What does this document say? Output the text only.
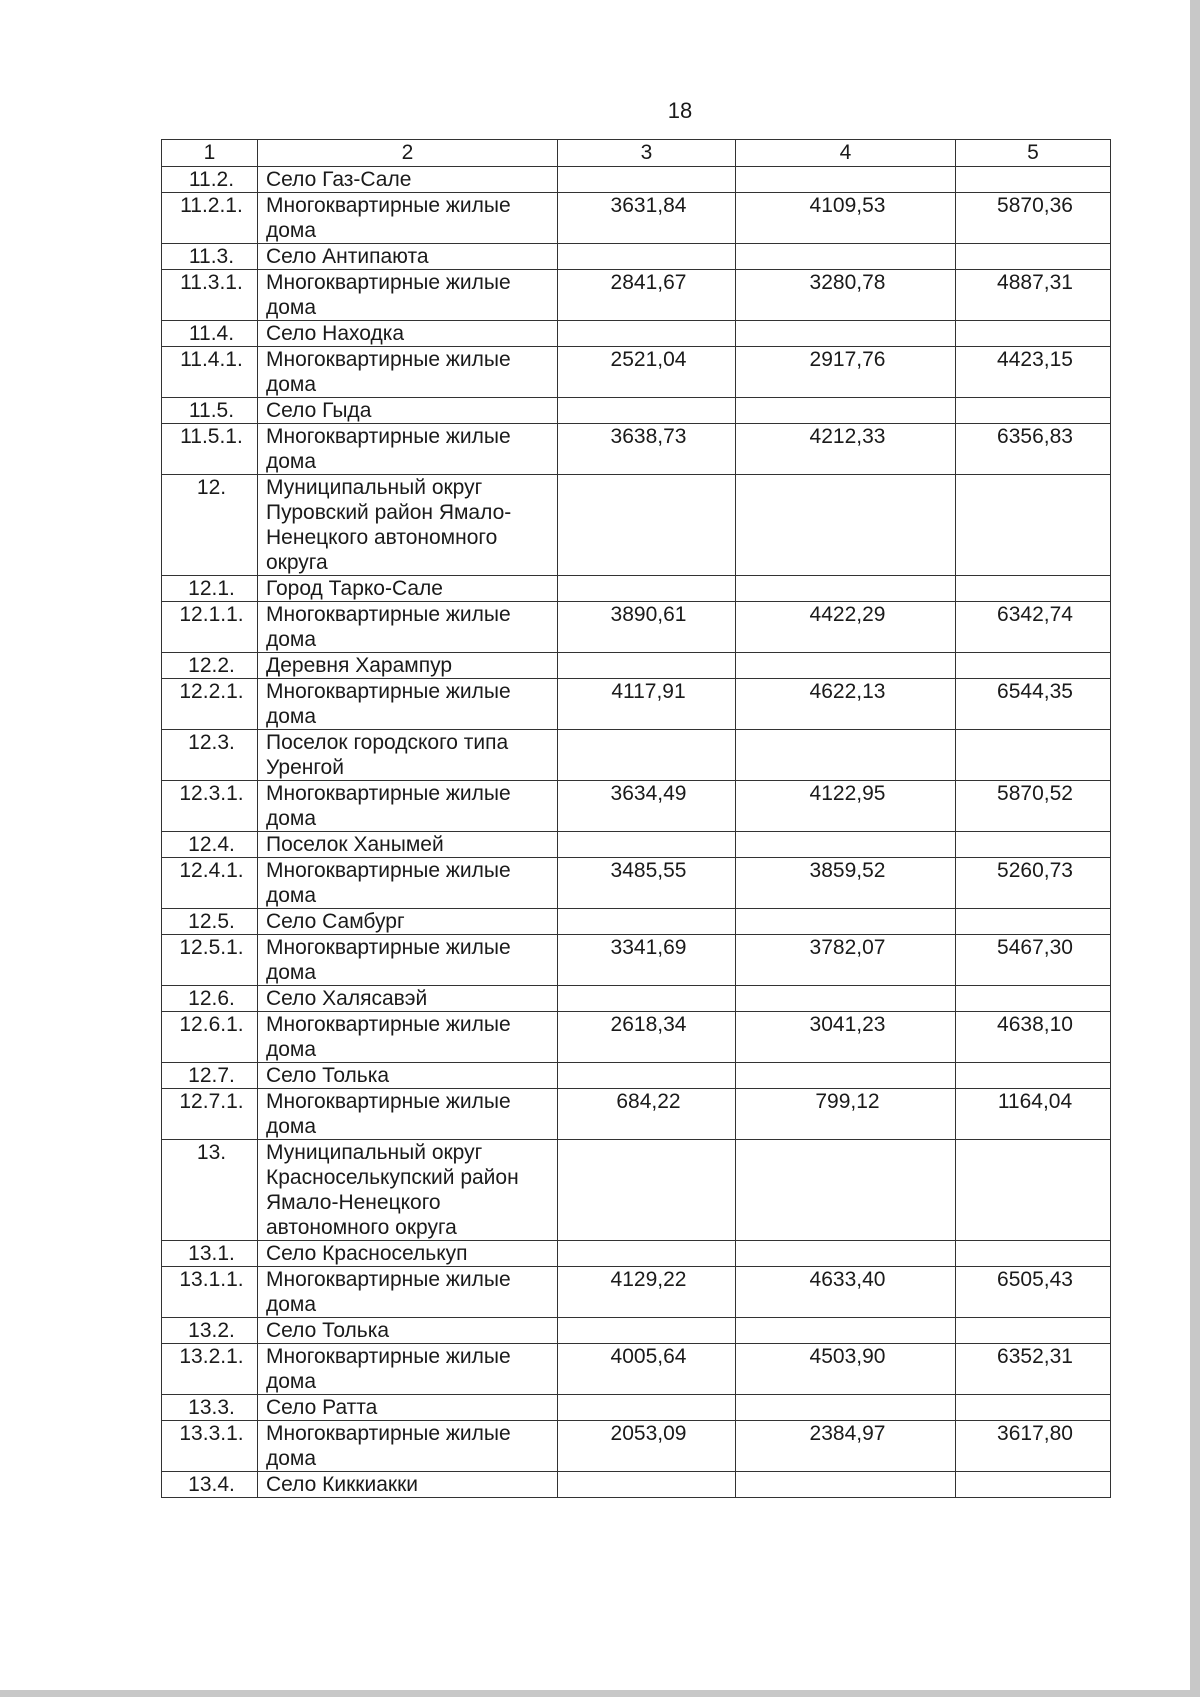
18
1	2	3	4	5
11.2.	Село Газ-Сале			
11.2.1.	Многоквартирные жилые дома	3631,84	4109,53	5870,36
11.3.	Село Антипаюта			
11.3.1.	Многоквартирные жилые дома	2841,67	3280,78	4887,31
11.4.	Село Находка			
11.4.1.	Многоквартирные жилые дома	2521,04	2917,76	4423,15
11.5.	Село Гыда			
11.5.1.	Многоквартирные жилые дома	3638,73	4212,33	6356,83
12.	Муниципальный округ Пуровский район Ямало-Ненецкого автономного округа			
12.1.	Город Тарко-Сале			
12.1.1.	Многоквартирные жилые дома	3890,61	4422,29	6342,74
12.2.	Деревня Харампур			
12.2.1.	Многоквартирные жилые дома	4117,91	4622,13	6544,35
12.3.	Поселок городского типа Уренгой			
12.3.1.	Многоквартирные жилые дома	3634,49	4122,95	5870,52
12.4.	Поселок Ханымей			
12.4.1.	Многоквартирные жилые дома	3485,55	3859,52	5260,73
12.5.	Село Самбург			
12.5.1.	Многоквартирные жилые дома	3341,69	3782,07	5467,30
12.6.	Село Халясавэй			
12.6.1.	Многоквартирные жилые дома	2618,34	3041,23	4638,10
12.7.	Село Толька			
12.7.1.	Многоквартирные жилые дома	684,22	799,12	1164,04
13.	Муниципальный округ Красноселькупский район Ямало-Ненецкого автономного округа			
13.1.	Село Красноселькуп			
13.1.1.	Многоквартирные жилые дома	4129,22	4633,40	6505,43
13.2.	Село Толька			
13.2.1.	Многоквартирные жилые дома	4005,64	4503,90	6352,31
13.3.	Село Ратта			
13.3.1.	Многоквартирные жилые дома	2053,09	2384,97	3617,80
13.4.	Село Киккиакки			
